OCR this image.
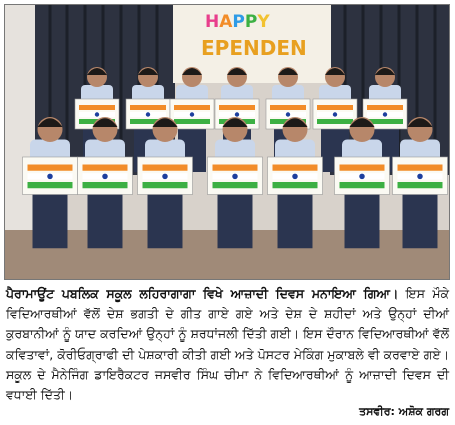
HAPPY
EPENDEN
ਪੈਰਾਮਾਊਂਟ ਪਬਲਿਕ ਸਕੂਲ ਲਹਿਰਾਗਾਗਾ ਵਿਖੇ ਆਜ਼ਾਦੀ ਦਿਵਸ ਮਨਾਇਆ ਗਿਆ। ਇਸ ਮੌਕੇ ਵਿਦਿਆਰਥੀਆਂ ਵੱਲੋਂ ਦੇਸ਼ ਭਗਤੀ ਦੇ ਗੀਤ ਗਾਏ ਗਏ ਅਤੇ ਦੇਸ਼ ਦੇ ਸ਼ਹੀਦਾਂ ਅਤੇ ਉਨ੍ਹਾਂ ਦੀਆਂ ਕੁਰਬਾਨੀਆਂ ਨੂੰ ਯਾਦ ਕਰਦਿਆਂ ਉਨ੍ਹਾਂ ਨੂੰ ਸ਼ਰਧਾਂਜਲੀ ਦਿੱਤੀ ਗਈ। ਇਸ ਦੌਰਾਨ ਵਿਦਿਆਰਥੀਆਂ ਵੱਲੋਂ ਕਵਿਤਾਵਾਂ, ਕੋਰੀਓਗ੍ਰਾਫੀ ਦੀ ਪੇਸ਼ਕਾਰੀ ਕੀਤੀ ਗਈ ਅਤੇ ਪੋਸਟਰ ਮੇਕਿੰਗ ਮੁਕਾਬਲੇ ਵੀ ਕਰਵਾਏ ਗਏ। ਸਕੂਲ ਦੇ ਮੈਨੇਜਿੰਗ ਡਾਇਰੈਕਟਰ ਜਸਵੀਰ ਸਿੰਘ ਚੀਮਾ ਨੇ ਵਿਦਿਆਰਥੀਆਂ ਨੂੰ ਆਜ਼ਾਦੀ ਦਿਵਸ ਦੀ ਵਧਾਈ ਦਿੱਤੀ।
ਤਸਵੀਰ: ਅਸ਼ੋਕ ਗਰਗ
